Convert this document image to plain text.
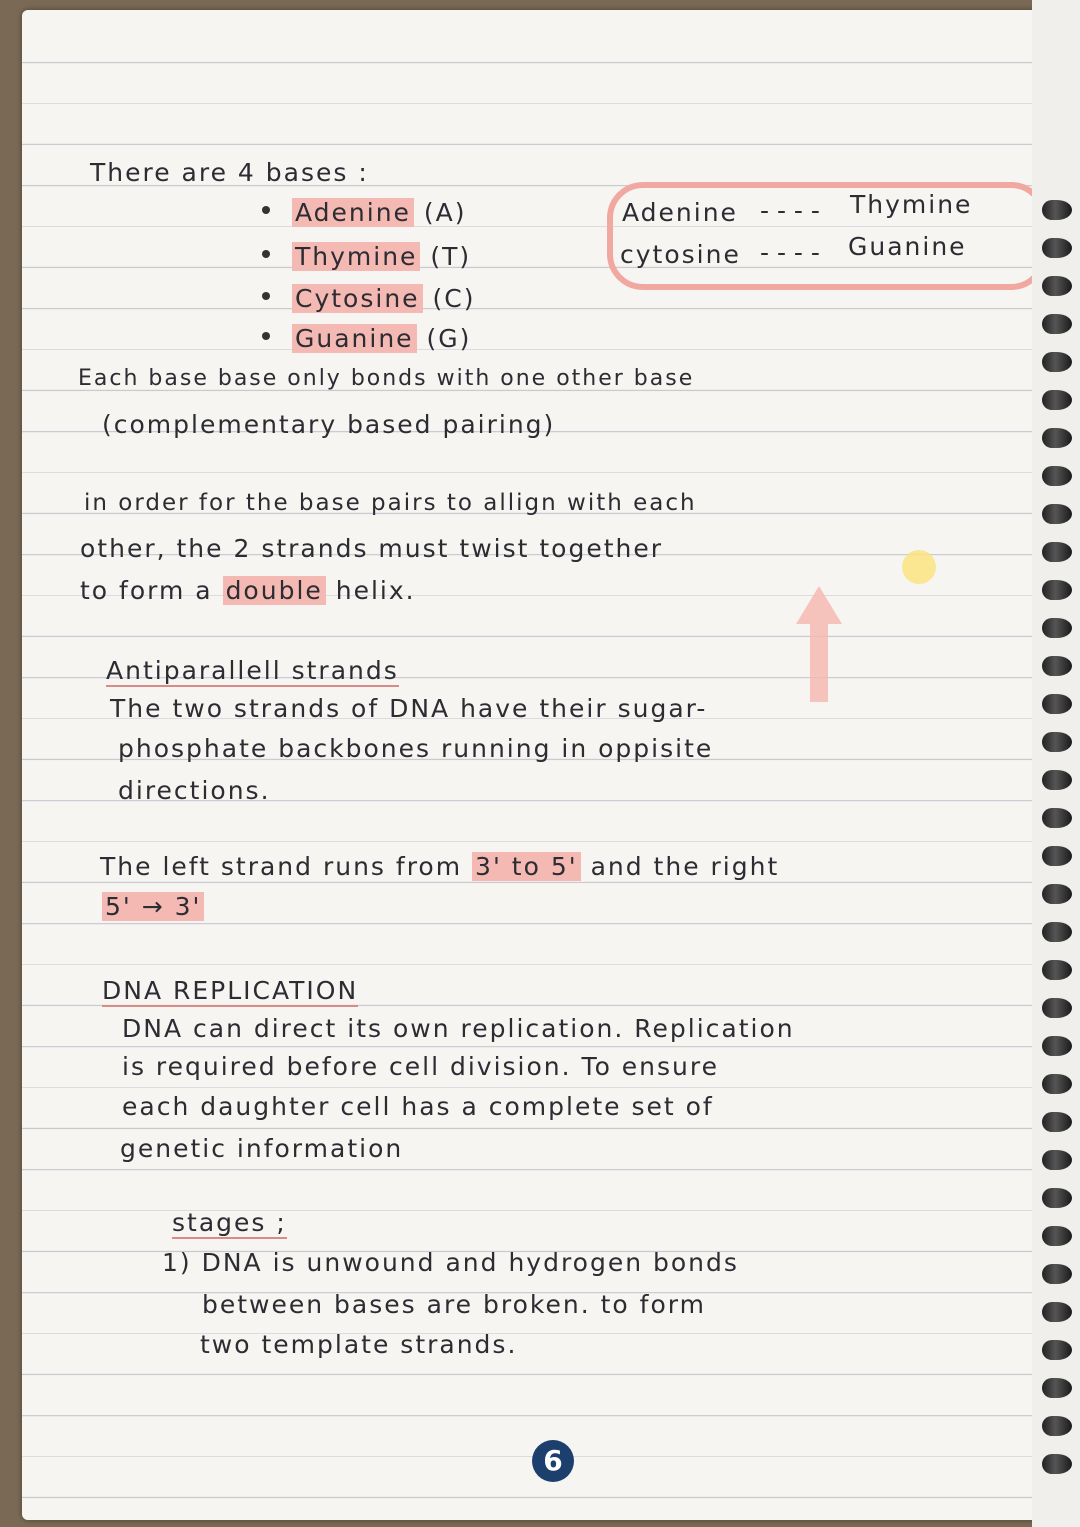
There are 4 bases :
Adenine (A)
Thymine (T)
Cytosine (C)
Guanine (G)
Adenine - - - - Thymine
cytosine - - - - Guanine
Each base base only bonds with one other base
(complementary based pairing)
in order for the base pairs to allign with each
other, the 2 strands must twist together
to form a double helix.
Antiparallell strands
The two strands of DNA have their sugar-
phosphate backbones running in oppisite
directions.
The left strand runs from 3' to 5' and the right
5' → 3'
DNA REPLICATION
DNA can direct its own replication. Replication
is required before cell division. To ensure
each daughter cell has a complete set of
genetic information
stages ;
1) DNA is unwound and hydrogen bonds
between bases are broken. to form
two template strands.
6
